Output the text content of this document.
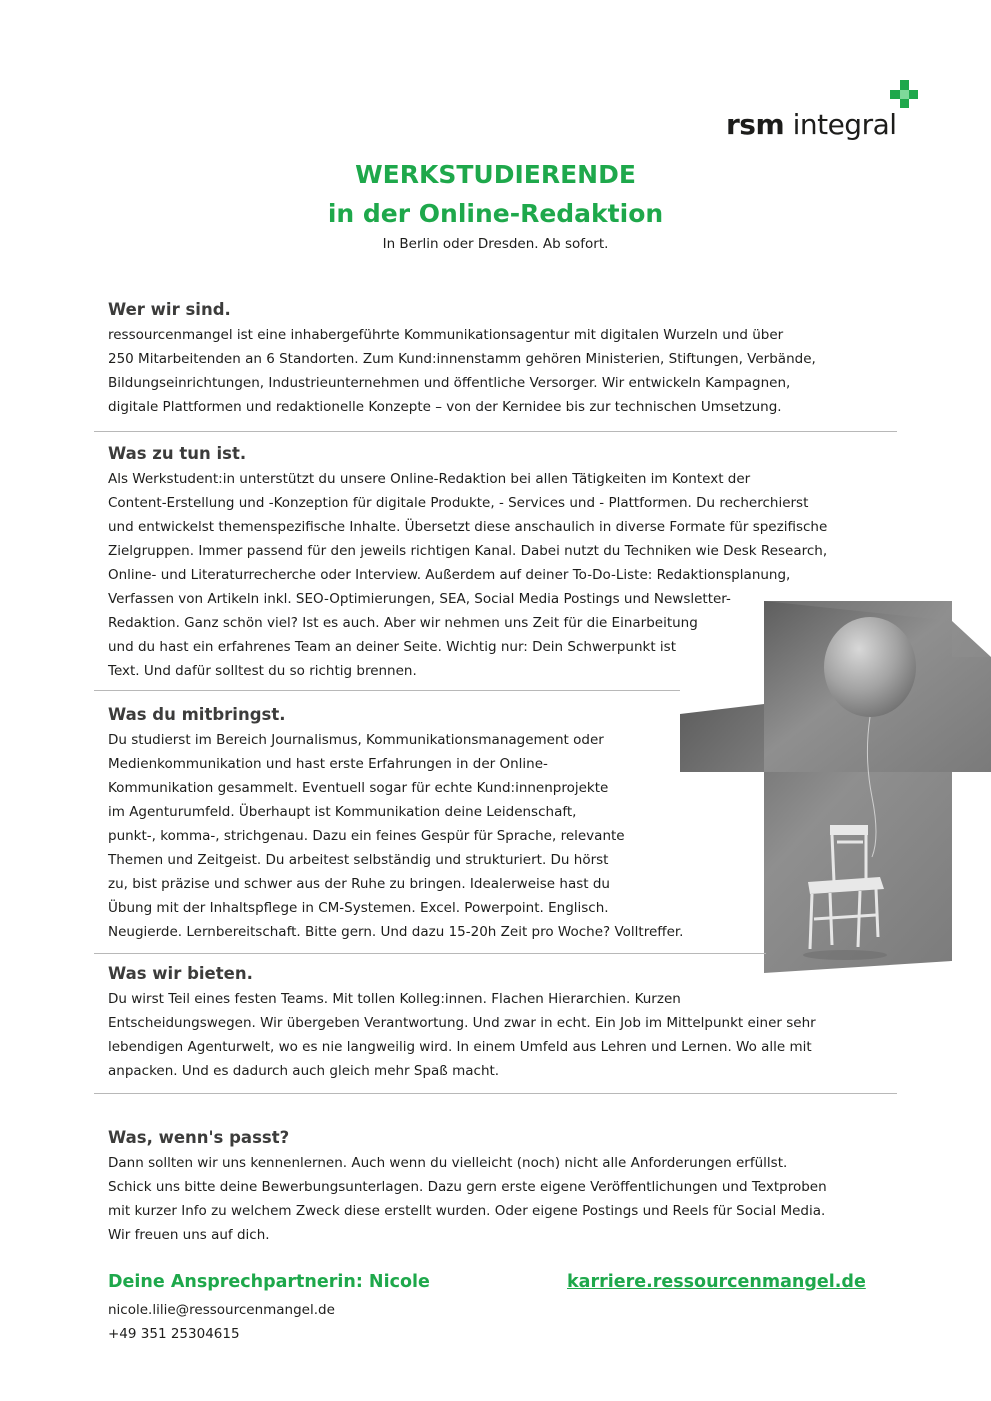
rsm integral
WERKSTUDIERENDE
in der Online-Redaktion
In Berlin oder Dresden. Ab sofort.
Wer wir sind.

ressourcenmangel ist eine inhabergeführte Kommunikationsagentur mit digitalen Wurzeln und über
250 Mitarbeitenden an 6 Standorten. Zum Kund:innenstamm gehören Ministerien, Stiftungen, Verbände,
Bildungseinrichtungen, Industrieunternehmen und öffentliche Versorger. Wir entwickeln Kampagnen,
digitale Plattformen und redaktionelle Konzepte – von der Kernidee bis zur technischen Umsetzung.

Was zu tun ist.

Als Werkstudent:in unterstützt du unsere Online-Redaktion bei allen Tätigkeiten im Kontext der
Content-Erstellung und -Konzeption für digitale Produkte, - Services und - Plattformen. Du recherchierst
und entwickelst themenspezifische Inhalte. Übersetzt diese anschaulich in diverse Formate für spezifische
Zielgruppen. Immer passend für den jeweils richtigen Kanal. Dabei nutzt du Techniken wie Desk Research,
Online- und Literaturrecherche oder Interview. Außerdem auf deiner To-Do-Liste: Redaktionsplanung,
Verfassen von Artikeln inkl. SEO-Optimierungen, SEA, Social Media Postings und Newsletter-
Redaktion. Ganz schön viel? Ist es auch. Aber wir nehmen uns Zeit für die Einarbeitung
und du hast ein erfahrenes Team an deiner Seite. Wichtig nur: Dein Schwerpunkt ist
Text. Und dafür solltest du so richtig brennen.

Was du mitbringst.

Du studierst im Bereich Journalismus, Kommunikationsmanagement oder
Medienkommunikation und hast erste Erfahrungen in der Online-
Kommunikation gesammelt. Eventuell sogar für echte Kund:innenprojekte
im Agenturumfeld. Überhaupt ist Kommunikation deine Leidenschaft,
punkt-, komma-, strichgenau. Dazu ein feines Gespür für Sprache, relevante
Themen und Zeitgeist. Du arbeitest selbständig und strukturiert. Du hörst
zu, bist präzise und schwer aus der Ruhe zu bringen. Idealerweise hast du
Übung mit der Inhaltspflege in CM-Systemen. Excel. Powerpoint. Englisch.
Neugierde. Lernbereitschaft. Bitte gern. Und dazu 15-20h Zeit pro Woche? Volltreffer.

Was wir bieten.

Du wirst Teil eines festen Teams. Mit tollen Kolleg:innen. Flachen Hierarchien. Kurzen
Entscheidungswegen. Wir übergeben Verantwortung. Und zwar in echt. Ein Job im Mittelpunkt einer sehr
lebendigen Agenturwelt, wo es nie langweilig wird. In einem Umfeld aus Lehren und Lernen. Wo alle mit
anpacken. Und es dadurch auch gleich mehr Spaß macht.

Was, wenn's passt?

Dann sollten wir uns kennenlernen. Auch wenn du vielleicht (noch) nicht alle Anforderungen erfüllst.
Schick uns bitte deine Bewerbungsunterlagen. Dazu gern erste eigene Veröffentlichungen und Textproben
mit kurzer Info zu welchem Zweck diese erstellt wurden. Oder eigene Postings und Reels für Social Media.
Wir freuen uns auf dich.

Deine Ansprechpartnerin: Nicole
nicole.lilie@ressourcenmangel.de
+49 351 25304615
karriere.ressourcenmangel.de
